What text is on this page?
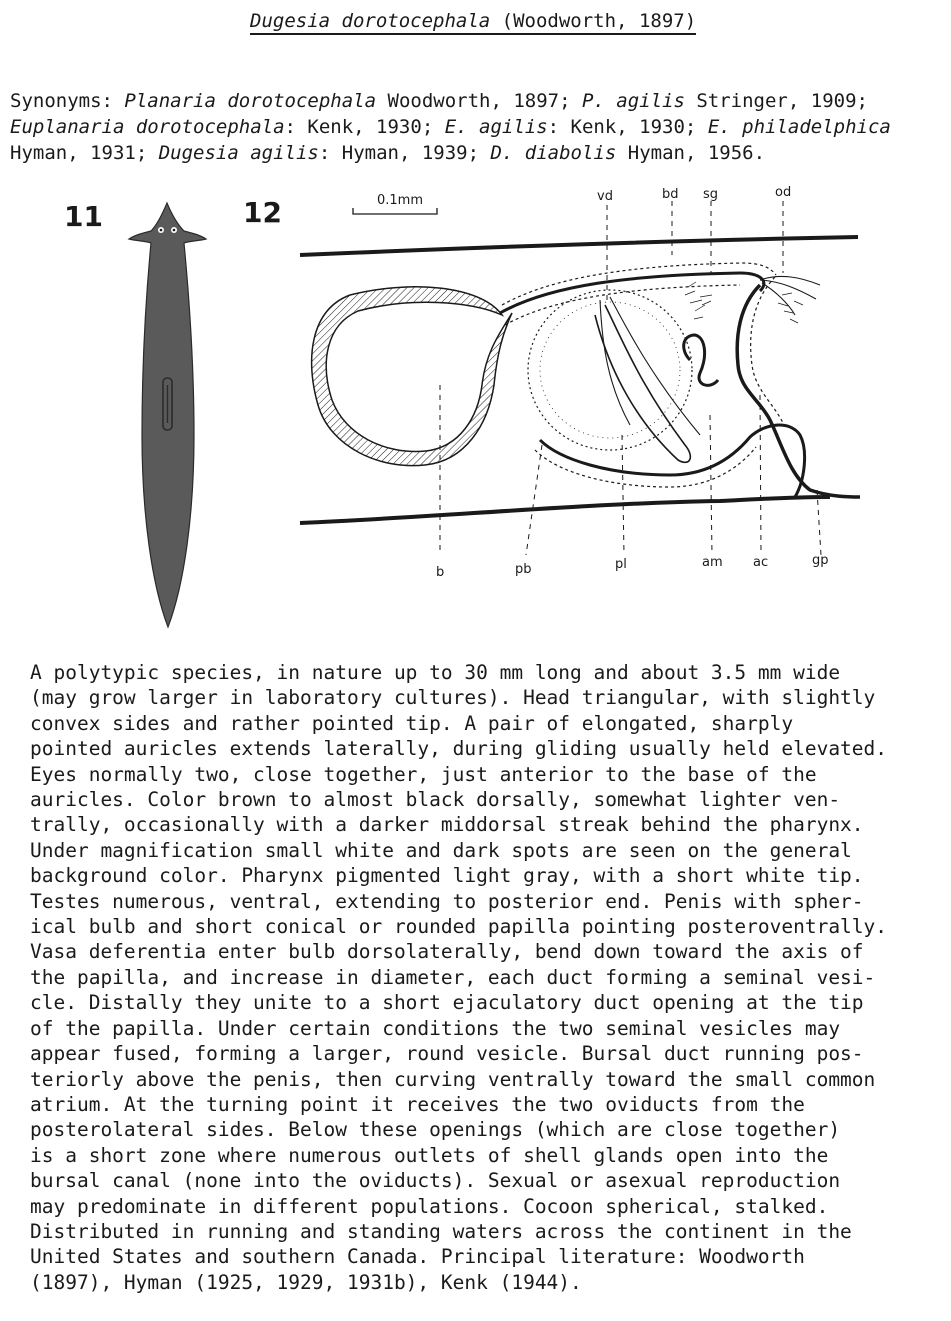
Dugesia dorotocephala (Woodworth, 1897)
Synonyms: Planaria dorotocephala Woodworth, 1897; P. agilis Stringer, 1909;
Euplanaria dorotocephala: Kenk, 1930; E. agilis: Kenk, 1930; E. philadelphica
Hyman, 1931; Dugesia agilis: Hyman, 1939; D. diabolis Hyman, 1956.
11	12	0.1mm	vd	bd sg	od
b	pb	pl	am ac	gp
A polytypic species, in nature up to 30 mm long and about 3.5 mm wide
(may grow larger in laboratory cultures). Head triangular, with slightly
convex sides and rather pointed tip. A pair of elongated, sharply
pointed auricles extends laterally, during gliding usually held elevated.
Eyes normally two, close together, just anterior to the base of the
auricles. Color brown to almost black dorsally, somewhat lighter ven-
trally, occasionally with a darker middorsal streak behind the pharynx.
Under magnification small white and dark spots are seen on the general
background color. Pharynx pigmented light gray, with a short white tip.
Testes numerous, ventral, extending to posterior end. Penis with spher-
ical bulb and short conical or rounded papilla pointing posteroventrally.
Vasa deferentia enter bulb dorsolaterally, bend down toward the axis of
the papilla, and increase in diameter, each duct forming a seminal vesi-
cle. Distally they unite to a short ejaculatory duct opening at the tip
of the papilla. Under certain conditions the two seminal vesicles may
appear fused, forming a larger, round vesicle. Bursal duct running pos-
teriorly above the penis, then curving ventrally toward the small common
atrium. At the turning point it receives the two oviducts from the
posterolateral sides. Below these openings (which are close together)
is a short zone where numerous outlets of shell glands open into the
bursal canal (none into the oviducts). Sexual or asexual reproduction
may predominate in different populations. Cocoon spherical, stalked.
Distributed in running and standing waters across the continent in the
United States and southern Canada. Principal literature: Woodworth
(1897), Hyman (1925, 1929, 1931b), Kenk (1944).
